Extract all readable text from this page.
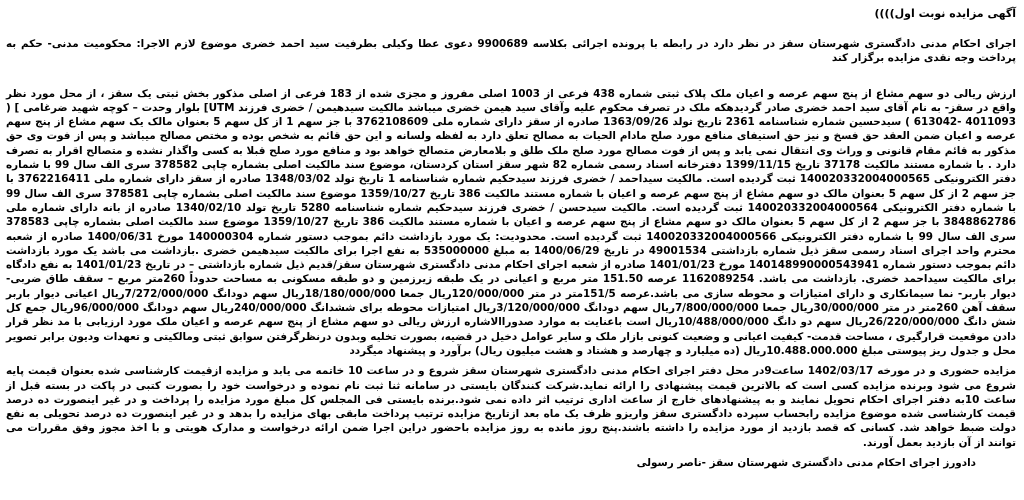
آگهی مزایده نوبت اول))))

اجرای احکام مدنی دادگستری شهرستان سقز در نظر دارد در رابطه با پرونده اجرائی بکلاسه 9900689 دعوی عطا وکیلی بطرفیت سید احمد خضری موضوع لازم الاجرا: محکومیت مدنی- حکم به پرداخت وجه نقدی مزایده برگزار کند

ارزش ریالی دو سهم مشاع از پنج سهم عرصه و اعیان ملک پلاک ثبتی شماره 438 فرعی از 1003 اصلی مفروز و مجزی شده از 183 فرعی از اصلی مذکور بخش ثبتی یک سقز ، از محل مورد نظر واقع در سقز- به نام آقای سید احمد خضری صادر گردیدهکه ملک در تصرف محکوم علیه وآقای سید هیمن خضری میباشد مالکیت سیدهیمن / خضری فرزند UTM] بلوار وحدت – کوچه شهید ضرغامی ] ( 4011093 -613042 ) سیدحسین شماره شناسنامه 2361 تاریخ تولد 1363/09/26 صادره از سقز دارای شماره ملی 3762108609 با جز سهم 1 از کل سهم 5 بعنوان مالک یک سهم مشاع از پنج سهم عرصه و اعیان ضمن العقد حق فسخ و نیز حق استیفای منافع مورد صلح مادام الحیات به مصالح تعلق دارد به لفظه ولسانه و این حق قائم به شخص بوده و مختص مصالح میباشد و پس از فوت وی حق مذکور به قائم مقام قانونی و وراث وی انتقال نمی یابد و پس از فوت مصالح مورد صلح ملک طلق و بلامعارض متصالح خواهد بود و منافع مورد صلح قبلا به کسی واگذار نشده و متصالح اقرار به تصرف دارد . با شماره مستند مالکیت 37178 تاریخ 1399/11/15 دفترخانه اسناد رسمی شماره 82 شهر سقز استان کردستان، موضوع سند مالکیت اصلی بشماره چاپی 378582 سری الف سال 99 با شماره دفتر الکترونیکی 140020332004000565 ثبت گردیده است. مالکیت سیداحمد / خضری فرزند سیدحکیم شماره شناسنامه 1 تاریخ تولد 1348/03/02 صادره از سقز دارای شماره ملی 3762216411 با جز سهم 2 از کل سهم 5 بعنوان مالک دو سهم مشاع از پنج سهم عرصه و اعیان با شماره مستند مالکیت 386 تاریخ 1359/10/27 موضوع سند مالکیت اصلی بشماره چاپی 378581 سری الف سال 99 با شماره دفتر الکترونیکی 140020332004000564 ثبت گردیده است. مالکیت سیدحسن / خضری فرزند سیدحکیم شماره شناسنامه 5280 تاریخ تولد 1340/02/10 صادره از بانه دارای شماره ملی 3848862786 با جز سهم 2 از کل سهم 5 بعنوان مالک دو سهم مشاع از پنج سهم عرصه و اعیان با شماره مستند مالکیت 386 تاریخ 1359/10/27 موضوع سند مالکیت اصلی بشماره چاپی 378583 سری الف سال 99 با شماره دفتر الکترونیکی 140020332004000566 ثبت گردیده است. محدودیت: یک مورد بازداشت دائم بموجب دستور شماره 140000304 مورخ 1400/06/31 صادره از شعبه محترم واحد اجرای اسناد رسمی سقز ذیل شماره بازداشتی 49001534 در تاریخ 1400/06/29 به مبلغ 535000000 به نفع اجرا برای مالکیت سیدهیمن خضری .بازداشت می باشد یک مورد بازداشت دائم بموجب دستور شماره 140148990000543941 مورخ 1401/01/23 صادره از شعبه اجرای احکام مدنی دادگستری شهرستان سقز/قدیم ذیل شماره بازداشتی – در تاریخ 1401/01/23 به نفع دادگاه برای مالکیت سیداحمد خضری. بازداشت می باشد. 1162089254 عرصه 151.50 متر مربع و اعیانی در یک طبقه زیرزمین و دو طبقه مسکونی به مساحت حدوداً 260متر مربع – سقف طاق ضربی- دیوار باربر- نما سیمانکاری و دارای امتیازات و محوطه سازی می باشد.عرصه 151/5متر در متر 120/000/000ریال جمعا 18/180/000/000ریال سهم دودانگ 7/272/000/000ریال اعیانی دیوار باربر سقف آهن 260متر در متر 30/000/000ریال جمعا 7/800/000/000ریال سهم دودانگ 3/120/000/000ریال امتیازات محوطه برای ششدانگ 240/000/000ریال سهم دودانگ 96/000/000ریال جمع کل شش دانگ 26/220/000/000ریال سهم دو دانگ 10/488/000/000ریال است باعنایت به موارد صدوراالاشاره ارزش ریالی دو سهم مشاع از پنج سهم عرصه و اعیان ملک مورد ارزیابی با مد نظر قرار دادن موقعیت قرارگیری ، مساحت قدمت- کیفیت اعیانی و وضعیت کنونی بازار ملک و سایر عوامل دخیل در قضیه، بصورت تخلیه وبدون درنظرگرفتن سوابق ثبتی ومالکیتی و تعهدات ودیون برابر تصویر محل و جدول ریز پیوستی مبلغ 10.488.000.000ریال (ده میلیارد و چهارصد و هشتاد و هشت میلیون ریال) برآورد و پیشنهاد میگردد

مزایده حضوری و در مورخه 1402/03/17 ساعت9در محل دفتر اجرای احکام مدنی دادگستری شهرستان سقز شروع و در ساعت 10 خاتمه می یابد و مزایده ازقیمت کارشناسی شده بعنوان قیمت پایه شروع می شود وبرنده مزایده کسی است که بالاترین قیمت پیشنهادی را ارائه نماید.شرکت کنندگان بایستی در سامانه ثنا ثبت نام نموده و درخواست خود را بصورت کتبی در پاکت در بسته قبل از ساعت 10به دفتر اجرای احکام تحویل نمایند و به پیشنهادهای خارج از ساعت اداری ترتیب اثر داده نمی شود.برنده بایستی فی المجلس کل مبلغ مورد مزایده را پرداخت و در غیر اینصورت ده درصد قیمت کارشناسی شده موضوع مزایده رابحساب سپرده دادگستری سقز واریزو ظرف یک ماه بعد ازتاریخ مزایده ترتیب پرداخت مابقی بهای مزایده را بدهد و در غیر اینصورت ده درصد تحویلی به نفع دولت ضبط خواهد شد. کسانی که قصد بازدید از مورد مزایده را داشته باشند.پنج روز مانده به روز مزایده باحضور دراین اجرا ضمن ارائه درخواست و مدارک هویتی و با اخذ مجوز وفق مقررات می توانند از آن بازدید بعمل آورند.

دادورز اجرای احکام مدنی دادگستری شهرستان سقز -ناصر رسولی
